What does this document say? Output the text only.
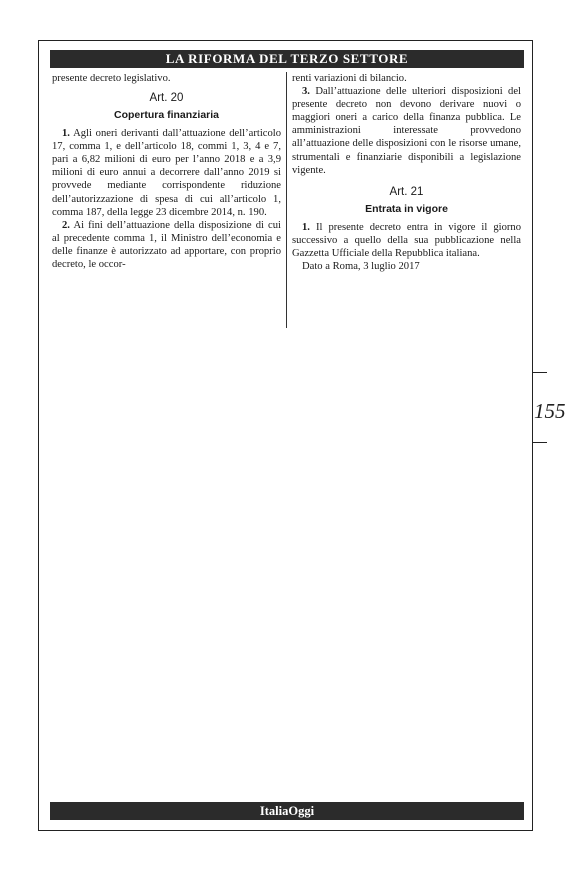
LA RIFORMA DEL TERZO SETTORE

presente decreto legislativo.

Art. 20

Copertura finanziaria

1. Agli oneri derivanti dall’attuazione dell’articolo 17, comma 1, e dell’articolo 18, commi 1, 3, 4 e 7, pari a 6,82 milioni di euro per l’anno 2018 e a 3,9 milioni di euro annui a decorrere dall’anno 2019 si provvede mediante corrispondente riduzione dell’autorizzazione di spesa di cui all’articolo 1, comma 187, della legge 23 dicembre 2014, n. 190.

2. Ai fini dell’attuazione della disposizione di cui al precedente comma 1, il Ministro dell’economia e delle finanze è autorizzato ad apportare, con proprio decreto, le occor-

renti variazioni di bilancio.

3. Dall’attuazione delle ulteriori disposizioni del presente decreto non devono derivare nuovi o maggiori oneri a carico della finanza pubblica. Le amministrazioni interessate provvedono all’attuazione delle disposizioni con le risorse umane, strumentali e finanziarie disponibili a legislazione vigente.

Art. 21

Entrata in vigore

1. Il presente decreto entra in vigore il giorno successivo a quello della sua pubblicazione nella Gazzetta Ufficiale della Repubblica italiana.

Dato a Roma, 3 luglio 2017

155
ItaliaOggi
